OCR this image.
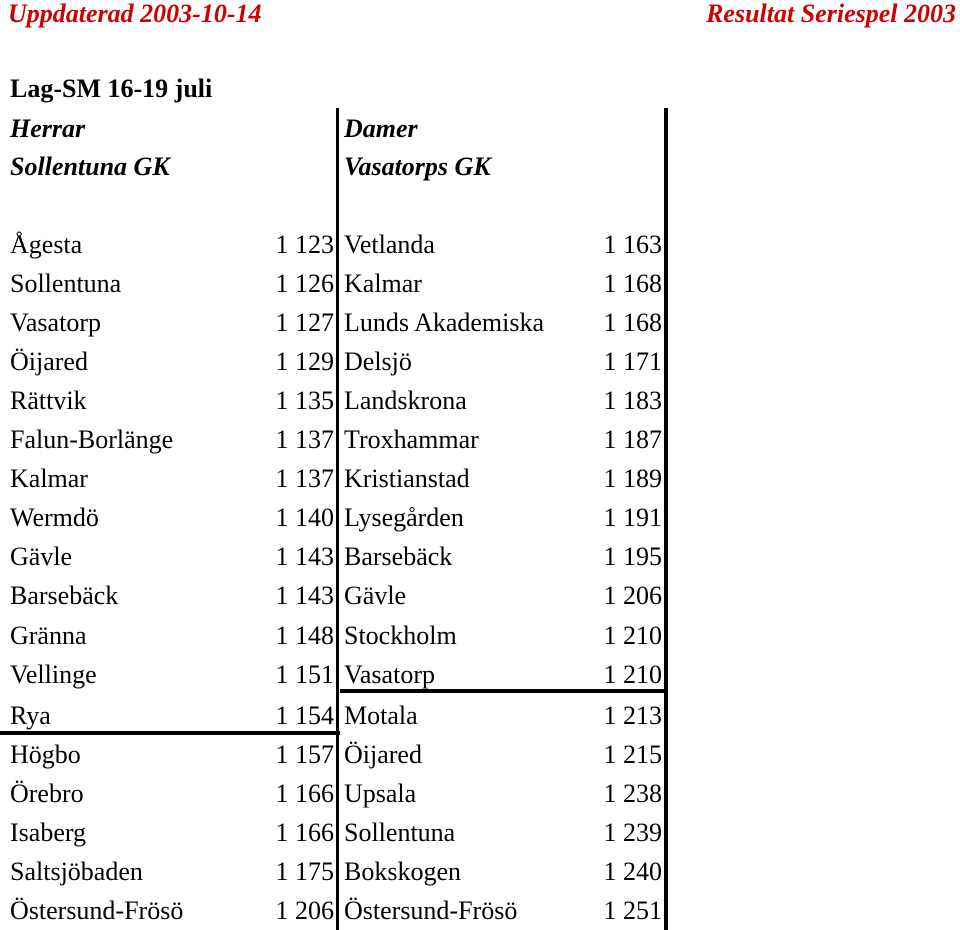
Uppdaterad 2003-10-14	Resultat Seriespel 2003
Lag-SM 16-19 juli
Herrar
Sollentuna GK
Damer
Vasatorps GK
Ågesta	1 123
Sollentuna	1 126
Vasatorp	1 127
Öijared	1 129
Rättvik	1 135
Falun-Borlänge	1 137
Kalmar	1 137
Wermdö	1 140
Gävle	1 143
Barsebäck	1 143
Gränna	1 148
Vellinge	1 151
Rya	1 154
Högbo	1 157
Örebro	1 166
Isaberg	1 166
Saltsjöbaden	1 175
Östersund-Frösö	1 206
Vetlanda	1 163
Kalmar	1 168
Lunds Akademiska 1 168
Delsjö	1 171
Landskrona	1 183
Troxhammar	1 187
Kristianstad	1 189
Lysegården	1 191
Barsebäck	1 195
Gävle	1 206
Stockholm	1 210
Vasatorp	1 210
Motala	1 213
Öijared	1 215
Upsala	1 238
Sollentuna	1 239
Bokskogen	1 240
Östersund-Frösö	1 251
